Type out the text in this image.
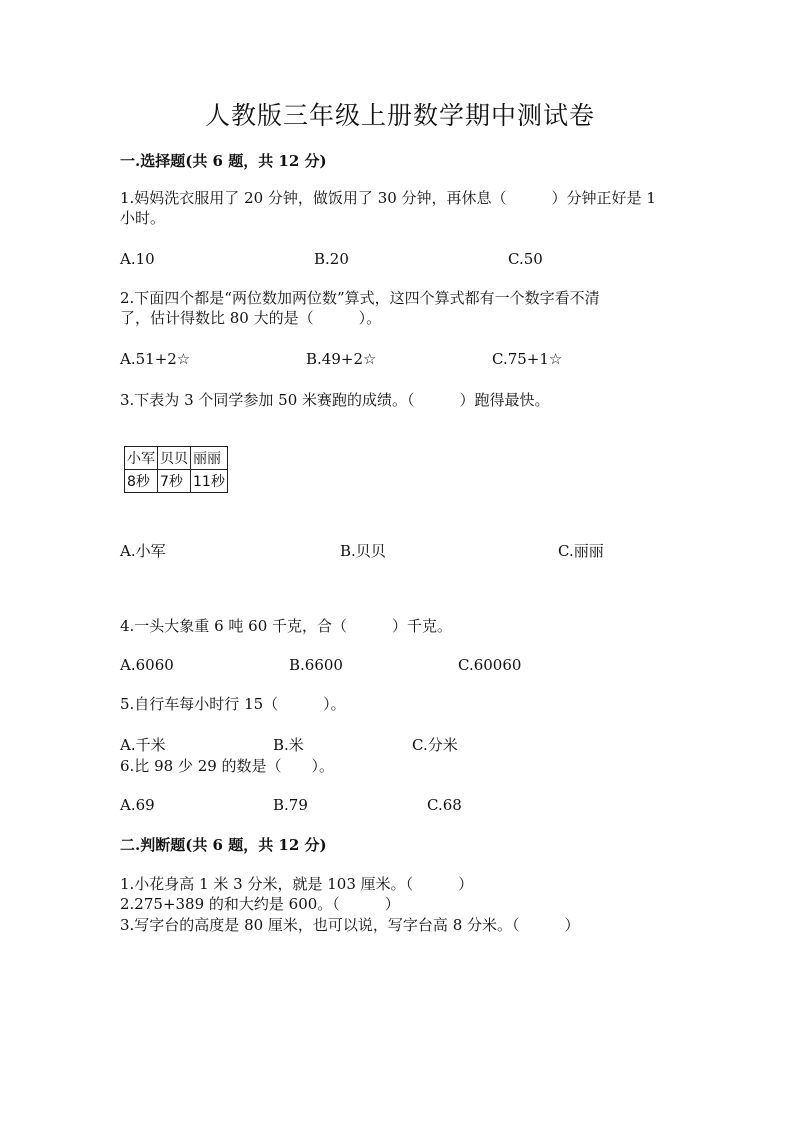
人教版三年级上册数学期中测试卷
一.选择题(共 6 题，共 12 分)
1.妈妈洗衣服用了 20 分钟，做饭用了 30 分钟，再休息（　　　）分钟正好是 1
小时。
A.10	B.20	C.50
2.下面四个都是“两位数加两位数”算式，这四个算式都有一个数字看不清
了，估计得数比 80 大的是（　　　）。
A.51+2☆	B.49+2☆	C.75+1☆
3.下表为 3 个同学参加 50 米赛跑的成绩。（　　　）跑得最快。
小军	贝贝	丽丽
8秒	7秒	11秒
A.小军	B.贝贝	C.丽丽
4.一头大象重 6 吨 60 千克，合（　　　）千克。
A.6060	B.6600	C.60060
5.自行车每小时行 15（　　　）。
A.千米	B.米	C.分米
6.比 98 少 29 的数是（　　）。
A.69	B.79	C.68
二.判断题(共 6 题，共 12 分)
1.小花身高 1 米 3 分米，就是 103 厘米。（　　　）
2.275+389 的和大约是 600。（　　　）
3.写字台的高度是 80 厘米，也可以说，写字台高 8 分米。（　　　）
